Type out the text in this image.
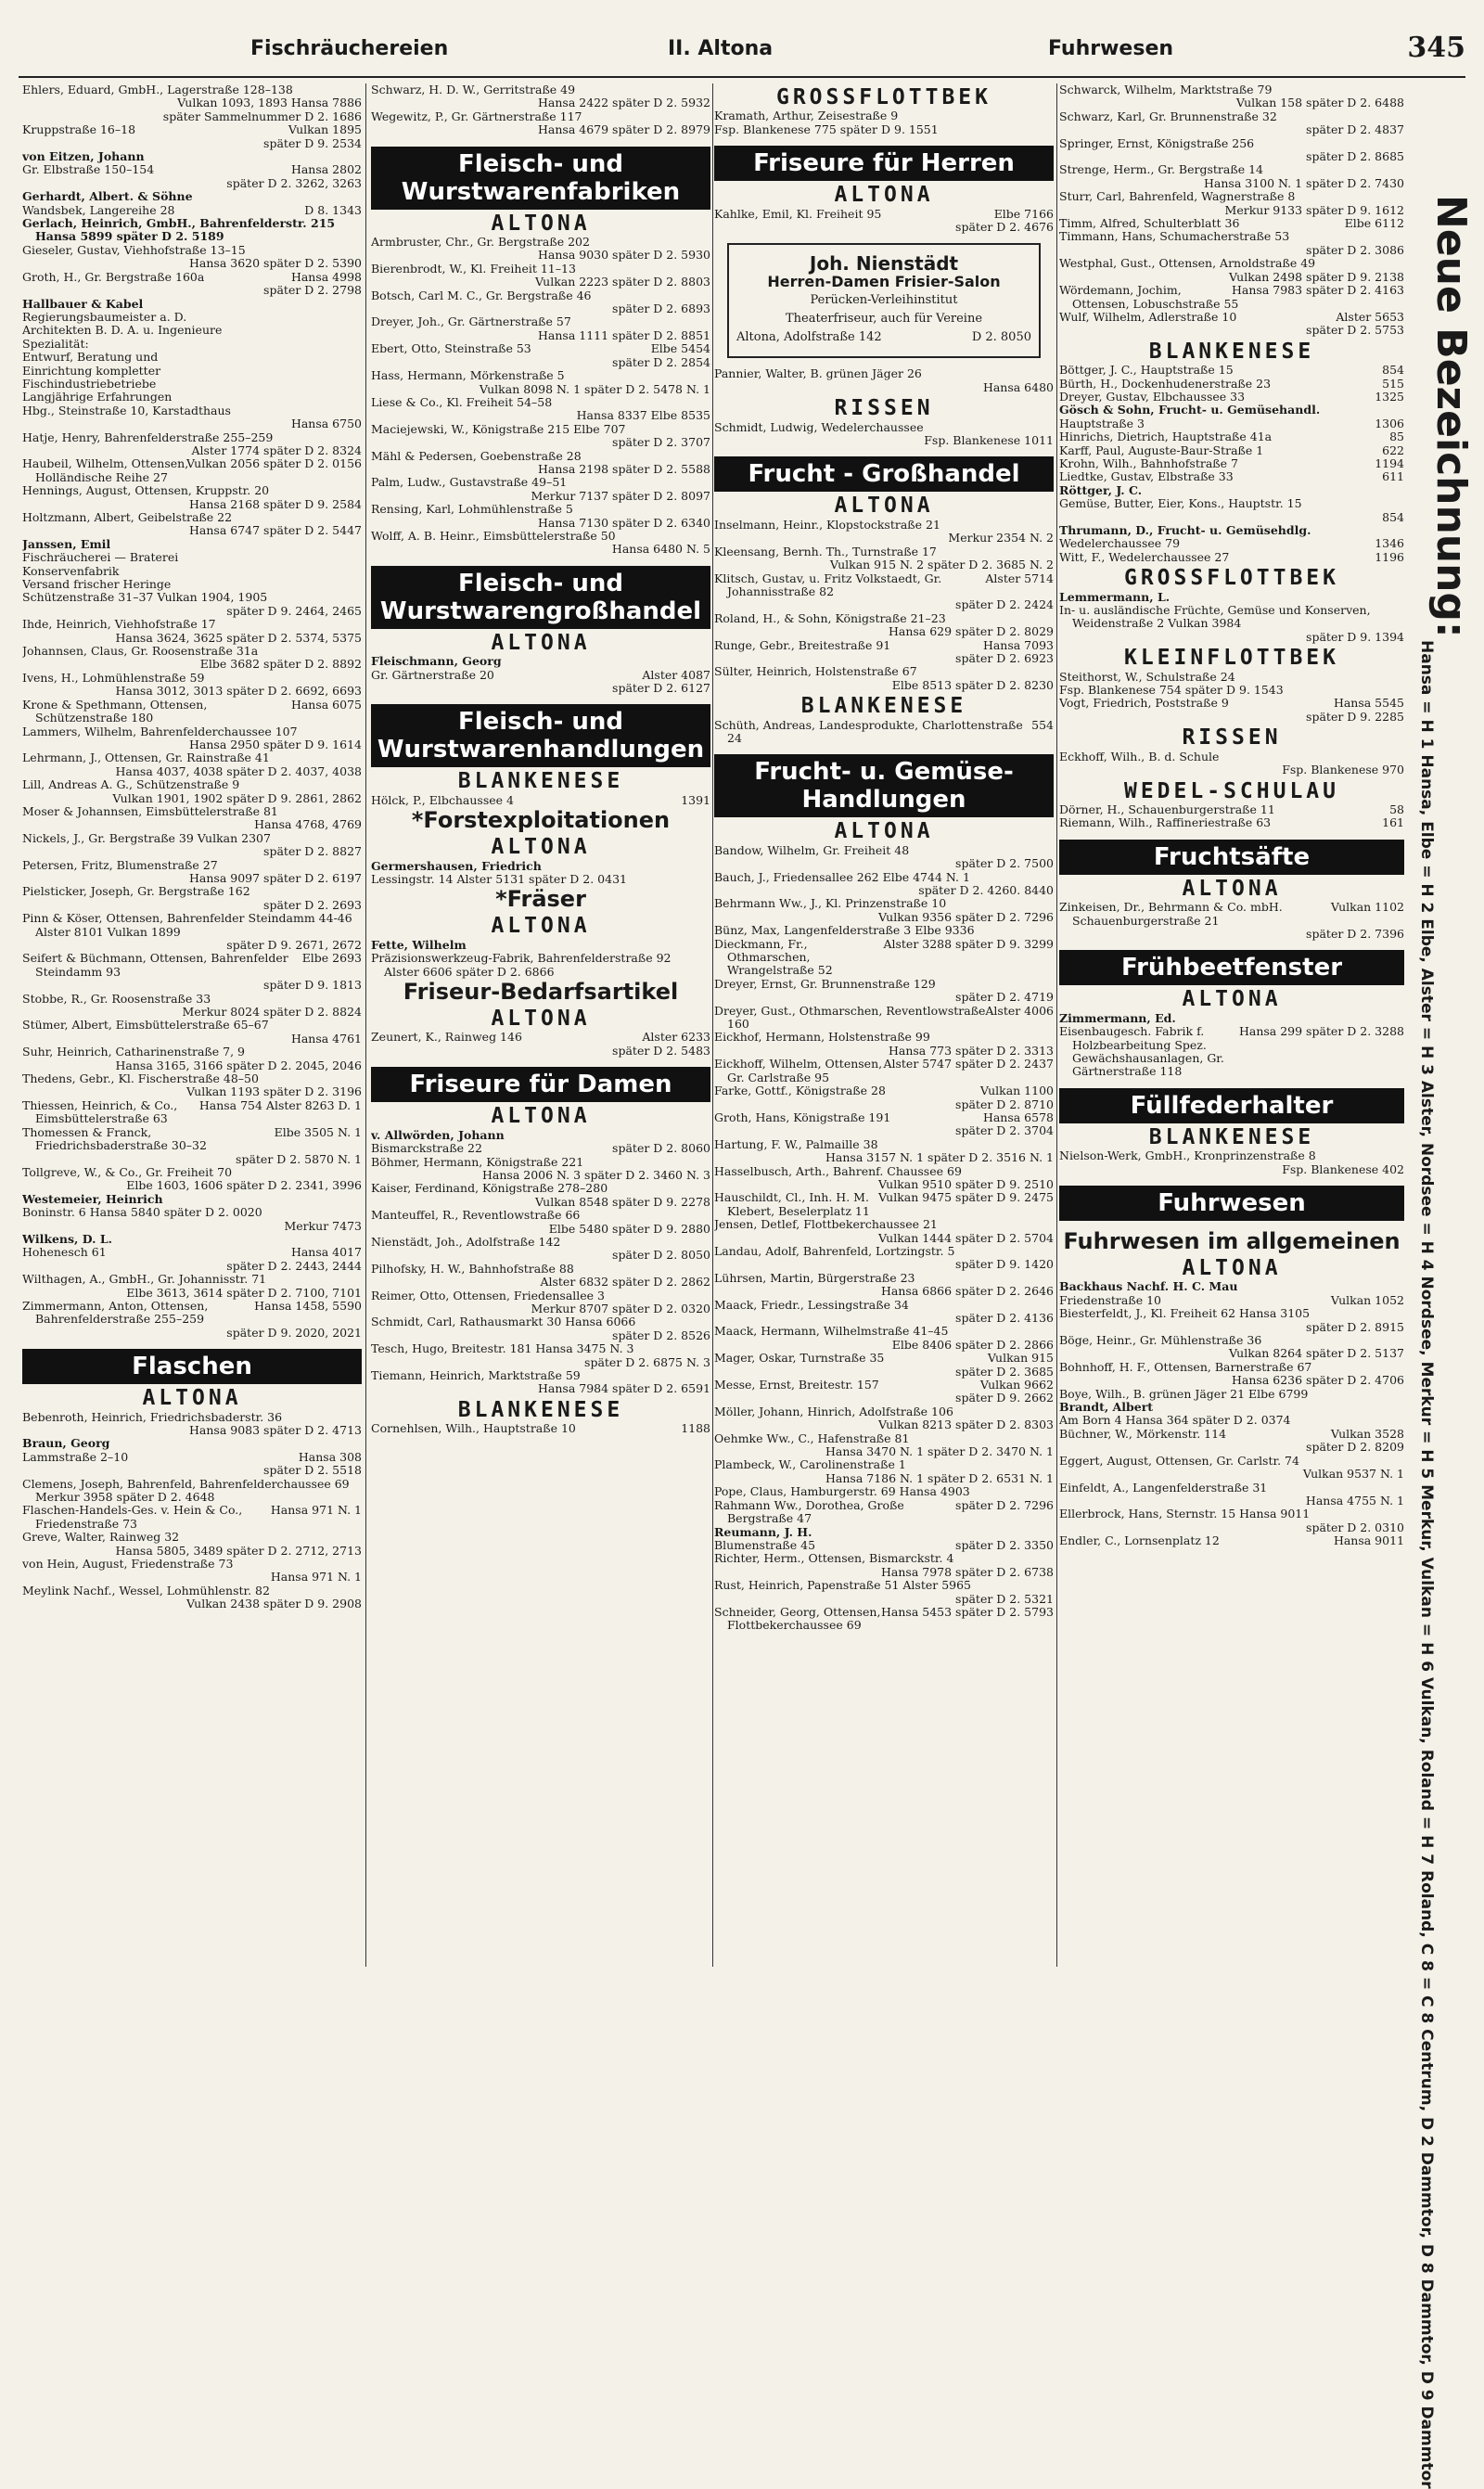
Fischräuchereien	II. Altona	Fuhrwesen	345
Ehlers, Eduard, GmbH., Lagerstraße 128–138
Vulkan 1093, 1893 Hansa 7886
später Sammelnummer D 2. 1686
Kruppstraße 16–18	Vulkan 1895
später D 9. 2534
von Eitzen, Johann
Gr. Elbstraße 150–154	Hansa 2802
später D 2. 3262, 3263
Gerhardt, Albert. & Söhne
Wandsbek, Langereihe 28	D 8. 1343
Gerlach, Heinrich, GmbH., Bahrenfelderstr. 215 Hansa 5899 später D 2. 5189
Gieseler, Gustav, Viehhofstraße 13–15
Hansa 3620 später D 2. 5390
Groth, H., Gr. Bergstraße 160a	Hansa 4998
später D 2. 2798
Hallbauer & Kabel
Regierungsbaumeister a. D.
Architekten B. D. A. u. Ingenieure
Spezialität:
Entwurf, Beratung und
Einrichtung kompletter
Fischindustriebetriebe
Langjährige Erfahrungen
Hbg., Steinstraße 10, Karstadthaus
Hansa 6750
Hatje, Henry, Bahrenfelderstraße 255–259
Alster 1774 später D 2. 8324
Haubeil, Wilhelm, Ottensen, Holländische Reihe 27
Vulkan 2056 später D 2. 0156
Hennings, August, Ottensen, Kruppstr. 20
Hansa 2168 später D 9. 2584
Holtzmann, Albert, Geibelstraße 22
Hansa 6747 später D 2. 5447
Janssen, Emil
Fischräucherei — Braterei
Konservenfabrik
Versand frischer Heringe
Schützenstraße 31–37 Vulkan 1904, 1905
später D 9. 2464, 2465
Ihde, Heinrich, Viehhofstraße 17
Hansa 3624, 3625 später D 2. 5374, 5375
Johannsen, Claus, Gr. Roosenstraße 31a
Elbe 3682 später D 2. 8892
Ivens, H., Lohmühlenstraße 59
Hansa 3012, 3013 später D 2. 6692, 6693
Krone & Spethmann, Ottensen, Schützenstraße 180
Hansa 6075
Lammers, Wilhelm, Bahrenfelderchaussee 107
Hansa 2950 später D 9. 1614
Lehrmann, J., Ottensen, Gr. Rainstraße 41
Hansa 4037, 4038 später D 2. 4037, 4038
Lill, Andreas A. G., Schützenstraße 9
Vulkan 1901, 1902 später D 9. 2861, 2862
Moser & Johannsen, Eimsbüttelerstraße 81
Hansa 4768, 4769
Nickels, J., Gr. Bergstraße 39 Vulkan 2307
später D 2. 8827
Petersen, Fritz, Blumenstraße 27
Hansa 9097 später D 2. 6197
Pielsticker, Joseph, Gr. Bergstraße 162
später D 2. 2693
Pinn & Köser, Ottensen, Bahrenfelder Steindamm 44-46 Alster 8101 Vulkan 1899
später D 9. 2671, 2672
Seifert & Büchmann, Ottensen, Bahrenfelder Steindamm 93
Elbe 2693
später D 9. 1813
Stobbe, R., Gr. Roosenstraße 33
Merkur 8024 später D 2. 8824
Stümer, Albert, Eimsbüttelerstraße 65–67
Hansa 4761
Suhr, Heinrich, Catharinenstraße 7, 9
Hansa 3165, 3166 später D 2. 2045, 2046
Thedens, Gebr., Kl. Fischerstraße 48–50
Vulkan 1193 später D 2. 3196
Thiessen, Heinrich, & Co., Eimsbüttelerstraße 63
Hansa 754 Alster 8263 D. 1
Thomessen & Franck, Friedrichsbaderstraße 30–32
Elbe 3505 N. 1
später D 2. 5870 N. 1
Tollgreve, W., & Co., Gr. Freiheit 70
Elbe 1603, 1606 später D 2. 2341, 3996
Westemeier, Heinrich
Boninstr. 6 Hansa 5840 später D 2. 0020
Merkur 7473
Wilkens, D. L.
Hohenesch 61	Hansa 4017
später D 2. 2443, 2444
Wilthagen, A., GmbH., Gr. Johannisstr. 71
Elbe 3613, 3614 später D 2. 7100, 7101
Zimmermann, Anton, Ottensen, Bahrenfelderstraße 255–259
Hansa 1458, 5590
später D 9. 2020, 2021
Flaschen
ALTONA
Bebenroth, Heinrich, Friedrichsbaderstr. 36
Hansa 9083 später D 2. 4713
Braun, Georg
Lammstraße 2–10	Hansa 308
später D 2. 5518
Clemens, Joseph, Bahrenfeld, Bahrenfelderchaussee 69 Merkur 3958 später D 2. 4648
Flaschen-Handels-Ges. v. Hein & Co., Friedenstraße 73
Hansa 971 N. 1
Greve, Walter, Rainweg 32
Hansa 5805, 3489 später D 2. 2712, 2713
von Hein, August, Friedenstraße 73
Hansa 971 N. 1
Meylink Nachf., Wessel, Lohmühlenstr. 82
Vulkan 2438 später D 9. 2908
Schwarz, H. D. W., Gerritstraße 49
Hansa 2422 später D 2. 5932
Wegewitz, P., Gr. Gärtnerstraße 117
Hansa 4679 später D 2. 8979
Fleisch- und Wurstwarenfabriken
ALTONA
Armbruster, Chr., Gr. Bergstraße 202
Hansa 9030 später D 2. 5930
Bierenbrodt, W., Kl. Freiheit 11–13
Vulkan 2223 später D 2. 8803
Botsch, Carl M. C., Gr. Bergstraße 46
später D 2. 6893
Dreyer, Joh., Gr. Gärtnerstraße 57
Hansa 1111 später D 2. 8851
Ebert, Otto, Steinstraße 53	Elbe 5454
später D 2. 2854
Hass, Hermann, Mörkenstraße 5
Vulkan 8098 N. 1 später D 2. 5478 N. 1
Liese & Co., Kl. Freiheit 54–58
Hansa 8337 Elbe 8535
Maciejewski, W., Königstraße 215 Elbe 707
später D 2. 3707
Mähl & Pedersen, Goebenstraße 28
Hansa 2198 später D 2. 5588
Palm, Ludw., Gustavstraße 49–51
Merkur 7137 später D 2. 8097
Rensing, Karl, Lohmühlenstraße 5
Hansa 7130 später D 2. 6340
Wolff, A. B. Heinr., Eimsbüttelerstraße 50
Hansa 6480 N. 5
Fleisch- und Wurstwarengroßhandel
ALTONA
Fleischmann, Georg
Gr. Gärtnerstraße 20	Alster 4087
später D 2. 6127
Fleisch- und Wurstwarenhandlungen
BLANKENESE
Hölck, P., Elbchaussee 4	1391
*Forstexploitationen
ALTONA
Germershausen, Friedrich
Lessingstr. 14 Alster 5131 später D 2. 0431
*Fräser
ALTONA
Fette, Wilhelm
Präzisionswerkzeug-Fabrik, Bahrenfelderstraße 92 Alster 6606 später D 2. 6866
Friseur-Bedarfsartikel
ALTONA
Zeunert, K., Rainweg 146	Alster 6233
später D 2. 5483
Friseure für Damen
ALTONA
v. Allwörden, Johann
Bismarckstraße 22	später D 2. 8060
Böhmer, Hermann, Königstraße 221
Hansa 2006 N. 3 später D 2. 3460 N. 3
Kaiser, Ferdinand, Königstraße 278–280
Vulkan 8548 später D 9. 2278
Manteuffel, R., Reventlowstraße 66
Elbe 5480 später D 9. 2880
Nienstädt, Joh., Adolfstraße 142
später D 2. 8050
Pilhofsky, H. W., Bahnhofstraße 88
Alster 6832 später D 2. 2862
Reimer, Otto, Ottensen, Friedensallee 3
Merkur 8707 später D 2. 0320
Schmidt, Carl, Rathausmarkt 30 Hansa 6066
später D 2. 8526
Tesch, Hugo, Breitestr. 181 Hansa 3475 N. 3
später D 2. 6875 N. 3
Tiemann, Heinrich, Marktstraße 59
Hansa 7984 später D 2. 6591
BLANKENESE
Cornehlsen, Wilh., Hauptstraße 10	1188
GROSSFLOTTBEK
Kramath, Arthur, Zeisestraße 9
Fsp. Blankenese 775 später D 9. 1551
Friseure für Herren
ALTONA
Kahlke, Emil, Kl. Freiheit 95	Elbe 7166
später D 2. 4676
Joh. Nienstädt
Herren-Damen Frisier-Salon
Perücken-Verleihinstitut
Theaterfriseur, auch für Vereine
Altona, Adolfstraße 142	D 2. 8050
Pannier, Walter, B. grünen Jäger 26
Hansa 6480
RISSEN
Schmidt, Ludwig, Wedelerchaussee
Fsp. Blankenese 1011
Frucht - Großhandel
ALTONA
Inselmann, Heinr., Klopstockstraße 21
Merkur 2354 N. 2
Kleensang, Bernh. Th., Turnstraße 17
Vulkan 915 N. 2 später D 2. 3685 N. 2
Klitsch, Gustav, u. Fritz Volkstaedt, Gr. Johannisstraße 82
Alster 5714
später D 2. 2424
Roland, H., & Sohn, Königstraße 21–23
Hansa 629 später D 2. 8029
Runge, Gebr., Breitestraße 91	Hansa 7093
später D 2. 6923
Sülter, Heinrich, Holstenstraße 67
Elbe 8513 später D 2. 8230
BLANKENESE
Schüth, Andreas, Landesprodukte, Charlottenstraße 24
554
Frucht- u. Gemüse-Handlungen
ALTONA
Bandow, Wilhelm, Gr. Freiheit 48
später D 2. 7500
Bauch, J., Friedensallee 262 Elbe 4744 N. 1
später D 2. 4260. 8440
Behrmann Ww., J., Kl. Prinzenstraße 10
Vulkan 9356 später D 2. 7296
Bünz, Max, Langenfelderstraße 3 Elbe 9336
Dieckmann, Fr., Othmarschen, Wrangelstraße 52
Alster 3288 später D 9. 3299
Dreyer, Ernst, Gr. Brunnenstraße 129
später D 2. 4719
Dreyer, Gust., Othmarschen, Reventlowstraße 160
Alster 4006
Eickhof, Hermann, Holstenstraße 99
Hansa 773 später D 2. 3313
Eickhoff, Wilhelm, Ottensen, Gr. Carlstraße 95
Alster 5747 später D 2. 2437
Farke, Gottf., Königstraße 28	Vulkan 1100
später D 2. 8710
Groth, Hans, Königstraße 191	Hansa 6578
später D 2. 3704
Hartung, F. W., Palmaille 38
Hansa 3157 N. 1 später D 2. 3516 N. 1
Hasselbusch, Arth., Bahrenf. Chaussee 69
Vulkan 9510 später D 9. 2510
Hauschildt, Cl., Inh. H. M. Klebert, Beselerplatz 11
Vulkan 9475 später D 9. 2475
Jensen, Detlef, Flottbekerchaussee 21
Vulkan 1444 später D 2. 5704
Landau, Adolf, Bahrenfeld, Lortzingstr. 5
später D 9. 1420
Lührsen, Martin, Bürgerstraße 23
Hansa 6866 später D 2. 2646
Maack, Friedr., Lessingstraße 34
später D 2. 4136
Maack, Hermann, Wilhelmstraße 41–45
Elbe 8406 später D 2. 2866
Mager, Oskar, Turnstraße 35	Vulkan 915
später D 2. 3685
Messe, Ernst, Breitestr. 157	Vulkan 9662
später D 9. 2662
Möller, Johann, Hinrich, Adolfstraße 106
Vulkan 8213 später D 2. 8303
Oehmke Ww., C., Hafenstraße 81
Hansa 3470 N. 1 später D 2. 3470 N. 1
Plambeck, W., Carolinenstraße 1
Hansa 7186 N. 1 später D 2. 6531 N. 1
Pope, Claus, Hamburgerstr. 69 Hansa 4903
Rahmann Ww., Dorothea, Große Bergstraße 47
später D 2. 7296
Reumann, J. H.
Blumenstraße 45	später D 2. 3350
Richter, Herm., Ottensen, Bismarckstr. 4
Hansa 7978 später D 2. 6738
Rust, Heinrich, Papenstraße 51 Alster 5965
später D 2. 5321
Schneider, Georg, Ottensen, Flottbekerchaussee 69
Hansa 5453 später D 2. 5793
Schwarck, Wilhelm, Marktstraße 79
Vulkan 158 später D 2. 6488
Schwarz, Karl, Gr. Brunnenstraße 32
später D 2. 4837
Springer, Ernst, Königstraße 256
später D 2. 8685
Strenge, Herm., Gr. Bergstraße 14
Hansa 3100 N. 1 später D 2. 7430
Sturr, Carl, Bahrenfeld, Wagnerstraße 8
Merkur 9133 später D 9. 1612
Timm, Alfred, Schulterblatt 36	Elbe 6112
Timmann, Hans, Schumacherstraße 53
später D 2. 3086
Westphal, Gust., Ottensen, Arnoldstraße 49
Vulkan 2498 später D 9. 2138
Wördemann, Jochim, Ottensen, Lobuschstraße 55
Hansa 7983 später D 2. 4163
Wulf, Wilhelm, Adlerstraße 10	Alster 5653
später D 2. 5753
BLANKENESE
Böttger, J. C., Hauptstraße 15	854
Bürth, H., Dockenhudenerstraße 23	515
Dreyer, Gustav, Elbchaussee 33	1325
Gösch & Sohn, Frucht- u. Gemüsehandl.
Hauptstraße 3	1306
Hinrichs, Dietrich, Hauptstraße 41a	85
Karff, Paul, Auguste-Baur-Straße 1	622
Krohn, Wilh., Bahnhofstraße 7	1194
Liedtke, Gustav, Elbstraße 33	611
Röttger, J. C.
Gemüse, Butter, Eier, Kons., Hauptstr. 15
854
Thrumann, D., Frucht- u. Gemüsehdlg.
Wedelerchaussee 79	1346
Witt, F., Wedelerchaussee 27	1196
GROSSFLOTTBEK
Lemmermann, L.
In- u. ausländische Früchte, Gemüse und Konserven, Weidenstraße 2 Vulkan 3984
später D 9. 1394
KLEINFLOTTBEK
Steithorst, W., Schulstraße 24
Fsp. Blankenese 754 später D 9. 1543
Vogt, Friedrich, Poststraße 9	Hansa 5545
später D 9. 2285
RISSEN
Eckhoff, Wilh., B. d. Schule
Fsp. Blankenese 970
WEDEL-SCHULAU
Dörner, H., Schauenburgerstraße 11	58
Riemann, Wilh., Raffineriestraße 63	161
Fruchtsäfte
ALTONA
Zinkeisen, Dr., Behrmann & Co. mbH. Schauenburgerstraße 21
Vulkan 1102
später D 2. 7396
Frühbeetfenster
ALTONA
Zimmermann, Ed.
Eisenbaugesch. Fabrik f. Holzbearbeitung Spez. Gewächshausanlagen, Gr. Gärtnerstraße 118
Hansa 299 später D 2. 3288
Füllfederhalter
BLANKENESE
Nielson-Werk, GmbH., Kronprinzenstraße 8
Fsp. Blankenese 402
Fuhrwesen
Fuhrwesen im allgemeinen
ALTONA
Backhaus Nachf. H. C. Mau
Friedenstraße 10	Vulkan 1052
Biesterfeldt, J., Kl. Freiheit 62 Hansa 3105
später D 2. 8915
Böge, Heinr., Gr. Mühlenstraße 36
Vulkan 8264 später D 2. 5137
Bohnhoff, H. F., Ottensen, Barnerstraße 67
Hansa 6236 später D 2. 4706
Boye, Wilh., B. grünen Jäger 21 Elbe 6799
Brandt, Albert
Am Born 4 Hansa 364 später D 2. 0374
Büchner, W., Mörkenstr. 114	Vulkan 3528
später D 2. 8209
Eggert, August, Ottensen, Gr. Carlstr. 74
Vulkan 9537 N. 1
Einfeldt, A., Langenfelderstraße 31
Hansa 4755 N. 1
Ellerbrock, Hans, Sternstr. 15 Hansa 9011
später D 2. 0310
Endler, C., Lornsenplatz 12	Hansa 9011
Neue Bezeichnung:
Hansa = H 1 Hansa, Elbe = H 2 Elbe, Alster = H 3 Alster, Nordsee = H 4 Nordsee, Merkur = H 5 Merkur, Vulkan = H 6 Vulkan, Roland = H 7 Roland, C 8 = C 8 Centrum, D 2 Dammtor, D 8 Dammtor, D 9 Dammtor
